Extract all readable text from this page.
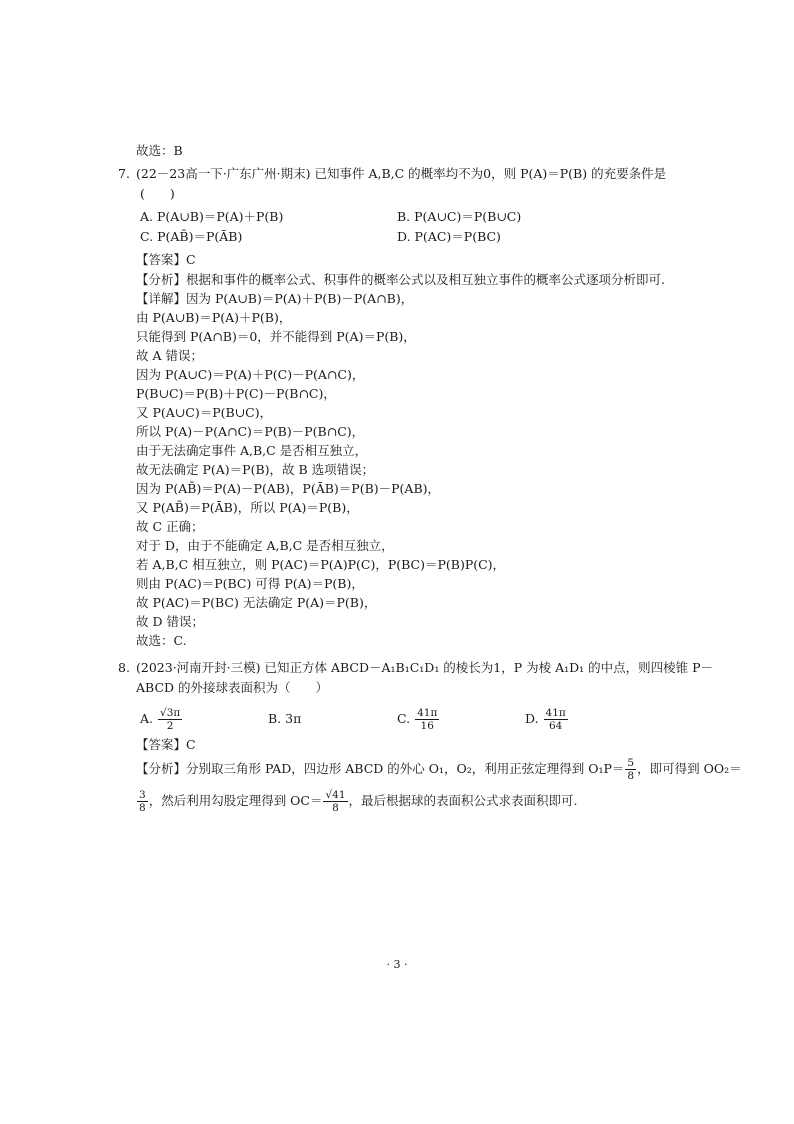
故选：B
7. (22－23高一下·广东广州·期末) 已知事件 A,B,C 的概率均不为0，则 P(A)＝P(B) 的充要条件是
(　　)
A. P(A∪B)＝P(A)＋P(B)	B. P(A∪C)＝P(B∪C)
C. P(AB̄)＝P(ĀB)	D. P(AC)＝P(BC)
【答案】C
【分析】根据和事件的概率公式、积事件的概率公式以及相互独立事件的概率公式逐项分析即可.
【详解】因为 P(A∪B)＝P(A)＋P(B)－P(A∩B)，
由 P(A∪B)＝P(A)＋P(B)，
只能得到 P(A∩B)＝0，并不能得到 P(A)＝P(B)，
故 A 错误；
因为 P(A∪C)＝P(A)＋P(C)－P(A∩C)，
P(B∪C)＝P(B)＋P(C)－P(B∩C)，
又 P(A∪C)＝P(B∪C)，
所以 P(A)－P(A∩C)＝P(B)－P(B∩C)，
由于无法确定事件 A,B,C 是否相互独立，
故无法确定 P(A)＝P(B)，故 B 选项错误；
因为 P(AB̄)＝P(A)－P(AB)，P(ĀB)＝P(B)－P(AB)，
又 P(AB̄)＝P(ĀB)，所以 P(A)＝P(B)，
故 C 正确；
对于 D，由于不能确定 A,B,C 是否相互独立，
若 A,B,C 相互独立，则 P(AC)＝P(A)P(C)，P(BC)＝P(B)P(C)，
则由 P(AC)＝P(BC) 可得 P(A)＝P(B)，
故 P(AC)＝P(BC) 无法确定 P(A)＝P(B)，
故 D 错误；
故选：C.
8. (2023·河南开封·三模) 已知正方体 ABCD－A₁B₁C₁D₁ 的棱长为1，P 为棱 A₁D₁ 的中点，则四棱锥 P－
ABCD 的外接球表面积为（　　）
A. $\frac{√3\pi}{2}$	B. 3π	C. $\frac{41\pi}{16}$	D. $\frac{41\pi}{64}$
【答案】C
【分析】分别取三角形 PAD，四边形 ABCD 的外心 O₁，O₂，利用正弦定理得到 $O_1P= \frac{5}{8}$ ，即可得到 OO₂＝
$\frac{3}{8}$ ，然后利用勾股定理得到 $OC= \frac{√41}{8}$ ，最后根据球的表面积公式求表面积即可.
· 3 ·
